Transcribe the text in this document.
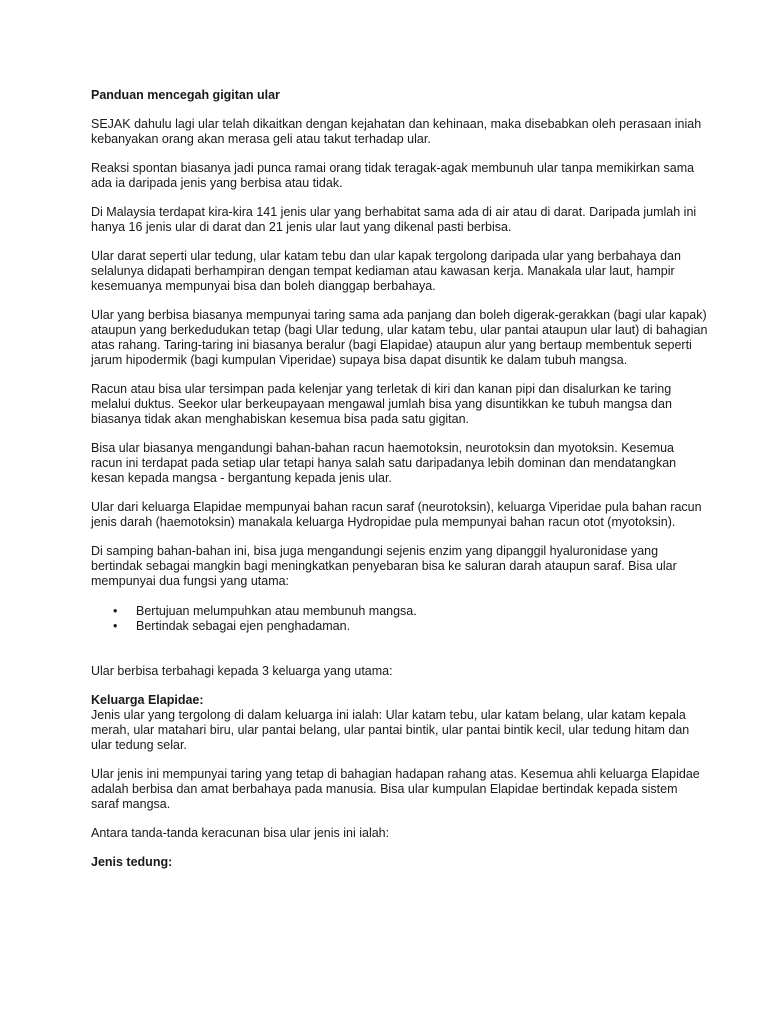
Panduan mencegah gigitan ular

SEJAK dahulu lagi ular telah dikaitkan dengan kejahatan dan kehinaan, maka disebabkan oleh perasaan iniah kebanyakan orang akan merasa geli atau takut terhadap ular.

Reaksi spontan biasanya jadi punca ramai orang tidak teragak-agak membunuh ular tanpa memikirkan sama ada ia daripada jenis yang berbisa atau tidak.

Di Malaysia terdapat kira-kira 141 jenis ular yang berhabitat sama ada di air atau di darat. Daripada jumlah ini hanya 16 jenis ular di darat dan 21 jenis ular laut yang dikenal pasti berbisa.

Ular darat seperti ular tedung, ular katam tebu dan ular kapak tergolong daripada ular yang berbahaya dan selalunya didapati berhampiran dengan tempat kediaman atau kawasan kerja. Manakala ular laut, hampir kesemuanya mempunyai bisa dan boleh dianggap berbahaya.

Ular yang berbisa biasanya mempunyai taring sama ada panjang dan boleh digerak-gerakkan (bagi ular kapak) ataupun yang berkedudukan tetap (bagi Ular tedung, ular katam tebu, ular pantai ataupun ular laut) di bahagian atas rahang. Taring-taring ini biasanya beralur (bagi Elapidae) ataupun alur yang bertaup membentuk seperti jarum hipodermik (bagi kumpulan Viperidae) supaya bisa dapat disuntik ke dalam tubuh mangsa.

Racun atau bisa ular tersimpan pada kelenjar yang terletak di kiri dan kanan pipi dan disalurkan ke taring melalui duktus. Seekor ular berkeupayaan mengawal jumlah bisa yang disuntikkan ke tubuh mangsa dan biasanya tidak akan menghabiskan kesemua bisa pada satu gigitan.

Bisa ular biasanya mengandungi bahan-bahan racun haemotoksin, neurotoksin dan myotoksin. Kesemua racun ini terdapat pada setiap ular tetapi hanya salah satu daripadanya lebih dominan dan mendatangkan kesan kepada mangsa - bergantung kepada jenis ular.

Ular dari keluarga Elapidae mempunyai bahan racun saraf (neurotoksin), keluarga Viperidae pula bahan racun jenis darah (haemotoksin) manakala keluarga Hydropidae pula mempunyai bahan racun otot (myotoksin).

Di samping bahan-bahan ini, bisa juga mengandungi sejenis enzim yang dipanggil hyaluronidase yang bertindak sebagai mangkin bagi meningkatkan penyebaran bisa ke saluran darah ataupun saraf. Bisa ular mempunyai dua fungsi yang utama:

• Bertujuan melumpuhkan atau membunuh mangsa.
• Bertindak sebagai ejen penghadaman.

Ular berbisa terbahagi kepada 3 keluarga yang utama:

Keluarga Elapidae:

Jenis ular yang tergolong di dalam keluarga ini ialah: Ular katam tebu, ular katam belang, ular katam kepala merah, ular matahari biru, ular pantai belang, ular pantai bintik, ular pantai bintik kecil, ular tedung hitam dan ular tedung selar.

Ular jenis ini mempunyai taring yang tetap di bahagian hadapan rahang atas. Kesemua ahli keluarga Elapidae adalah berbisa dan amat berbahaya pada manusia. Bisa ular kumpulan Elapidae bertindak kepada sistem saraf mangsa.

Antara tanda-tanda keracunan bisa ular jenis ini ialah:

Jenis tedung:
